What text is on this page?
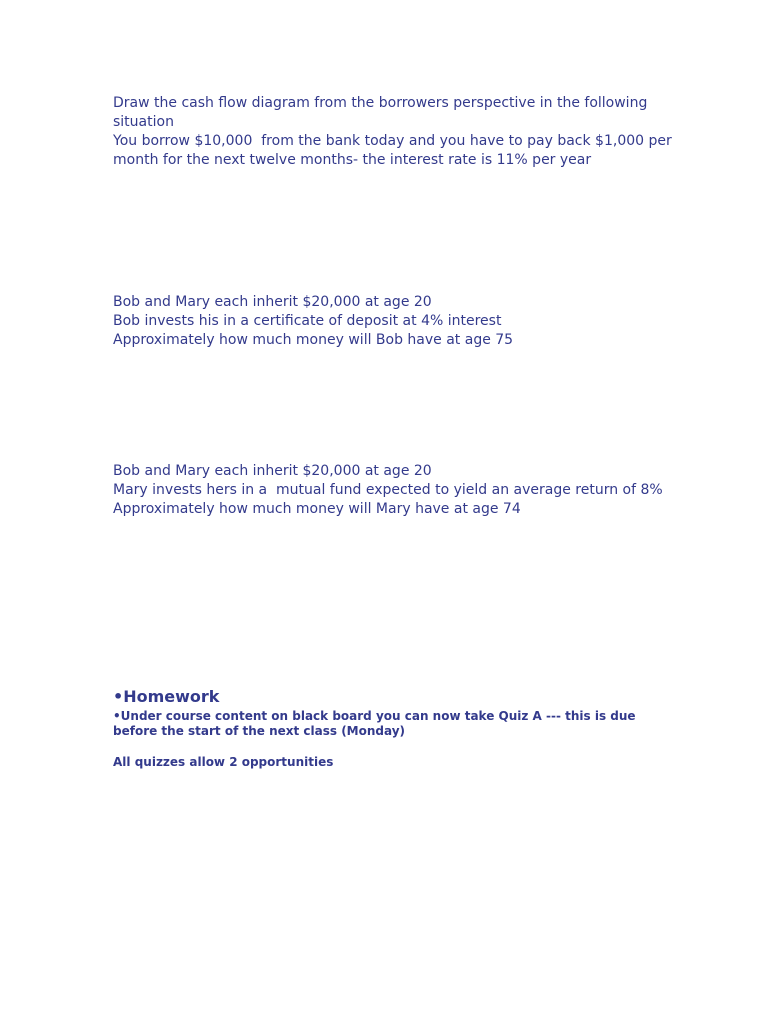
Draw the cash flow diagram from the borrowers perspective in the following situation

You borrow $10,000  from the bank today and you have to pay back $1,000 per month for the next twelve months- the interest rate is 11% per year

Bob and Mary each inherit $20,000 at age 20

Bob invests his in a certificate of deposit at 4% interest

Approximately how much money will Bob have at age 75

Bob and Mary each inherit $20,000 at age 20

Mary invests hers in a  mutual fund expected to yield an average return of 8%

Approximately how much money will Mary have at age 74

•Homework

•Under course content on black board you can now take Quiz A --- this is due before the start of the next class (Monday)

All quizzes allow 2 opportunities
